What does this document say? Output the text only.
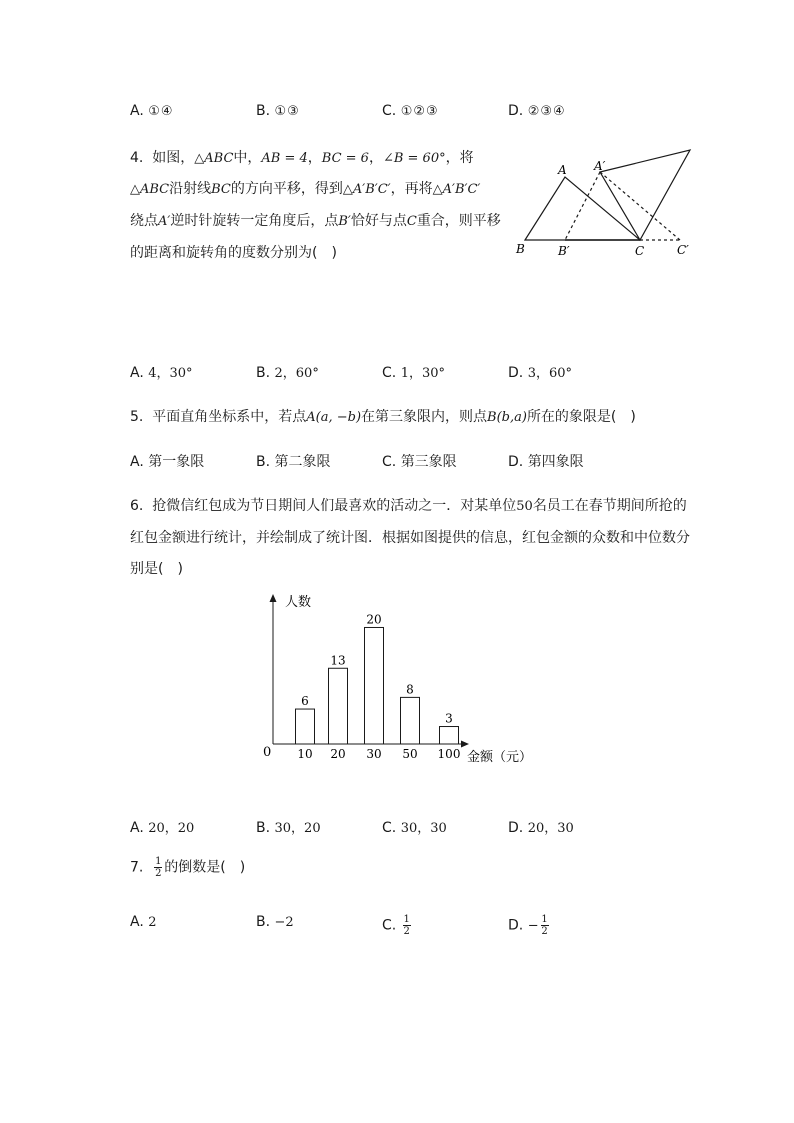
A. ①④	B. ①③	C. ①②③	D. ②③④
4. 如图，△ABC中，AB = 4，BC = 6，∠B = 60°，将
△ABC沿射线BC的方向平移，得到△A′B′C′，再将△A′B′C′
绕点A′逆时针旋转一定角度后，点B′恰好与点C重合，则平移
的距离和旋转角的度数分别为(　)
A A′
B	B′	C	C′
A. 4，30°	B. 2，60°	C. 1，30°	D. 3，60°
5. 平面直角坐标系中，若点A(a, −b)在第三象限内，则点B(b,a)所在的象限是(　)
A. 第一象限	B. 第二象限	C. 第三象限	D. 第四象限
6. 抢微信红包成为节日期间人们最喜欢的活动之一．对某单位50名员工在春节期间所抢的
红包金额进行统计，并绘制成了统计图．根据如图提供的信息，红包金额的众数和中位数分
别是(　)
人数
0	金额（元）
6
10
13
20
20
30
8
50
3
100
A. 20，20	B. 30，20	C. 30，30	D. 20，30
7. $\frac{1}{2}$ 的倒数是(　)
A. 2	B. −2	C. $\frac{1}{2}$	D. − $\frac{1}{2}$
